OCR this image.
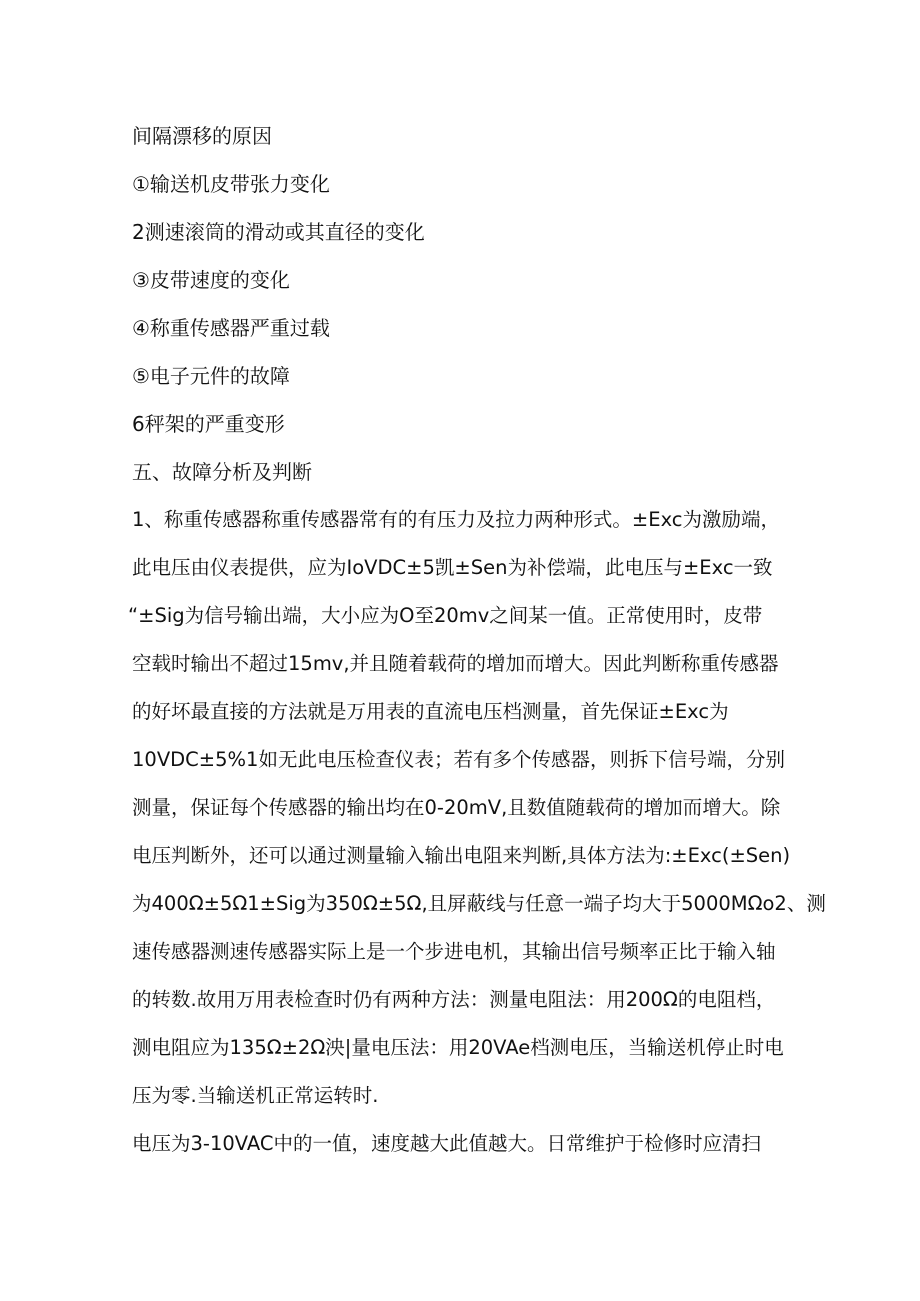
间隔漂移的原因
①输送机皮带张力变化
2测速滚筒的滑动或其直径的变化
③皮带速度的变化
④称重传感器严重过载
⑤电子元件的故障
6秤架的严重变形
五、故障分析及判断
1、称重传感器称重传感器常有的有压力及拉力两种形式。±Exc为激励端，
此电压由仪表提供，应为IoVDC±5凯±Sen为补偿端，此电压与±Exc一致
“±Sig为信号输出端，大小应为O至20mv之间某一值。正常使用时，皮带
空载时输出不超过15mv,并且随着载荷的增加而增大。因此判断称重传感器
的好坏最直接的方法就是万用表的直流电压档测量，首先保证±Exc为
10VDC±5%1如无此电压检查仪表；若有多个传感器，则拆下信号端，分别
测量，保证每个传感器的输出均在0-20mV,且数值随载荷的增加而增大。除
电压判断外，还可以通过测量输入输出电阻来判断,具体方法为:±Exc(±Sen)
为400Ω±5Ω1±Sig为350Ω±5Ω,且屏蔽线与任意一端子均大于5000MΩo2、测
速传感器测速传感器实际上是一个步进电机，其输出信号频率正比于输入轴
的转数.故用万用表检查时仍有两种方法：测量电阻法：用200Ω的电阻档，
测电阻应为135Ω±2Ω泱|量电压法：用20VAe档测电压，当输送机停止时电
压为零.当输送机正常运转时.
电压为3-10VAC中的一值，速度越大此值越大。日常维护于检修时应清扫
